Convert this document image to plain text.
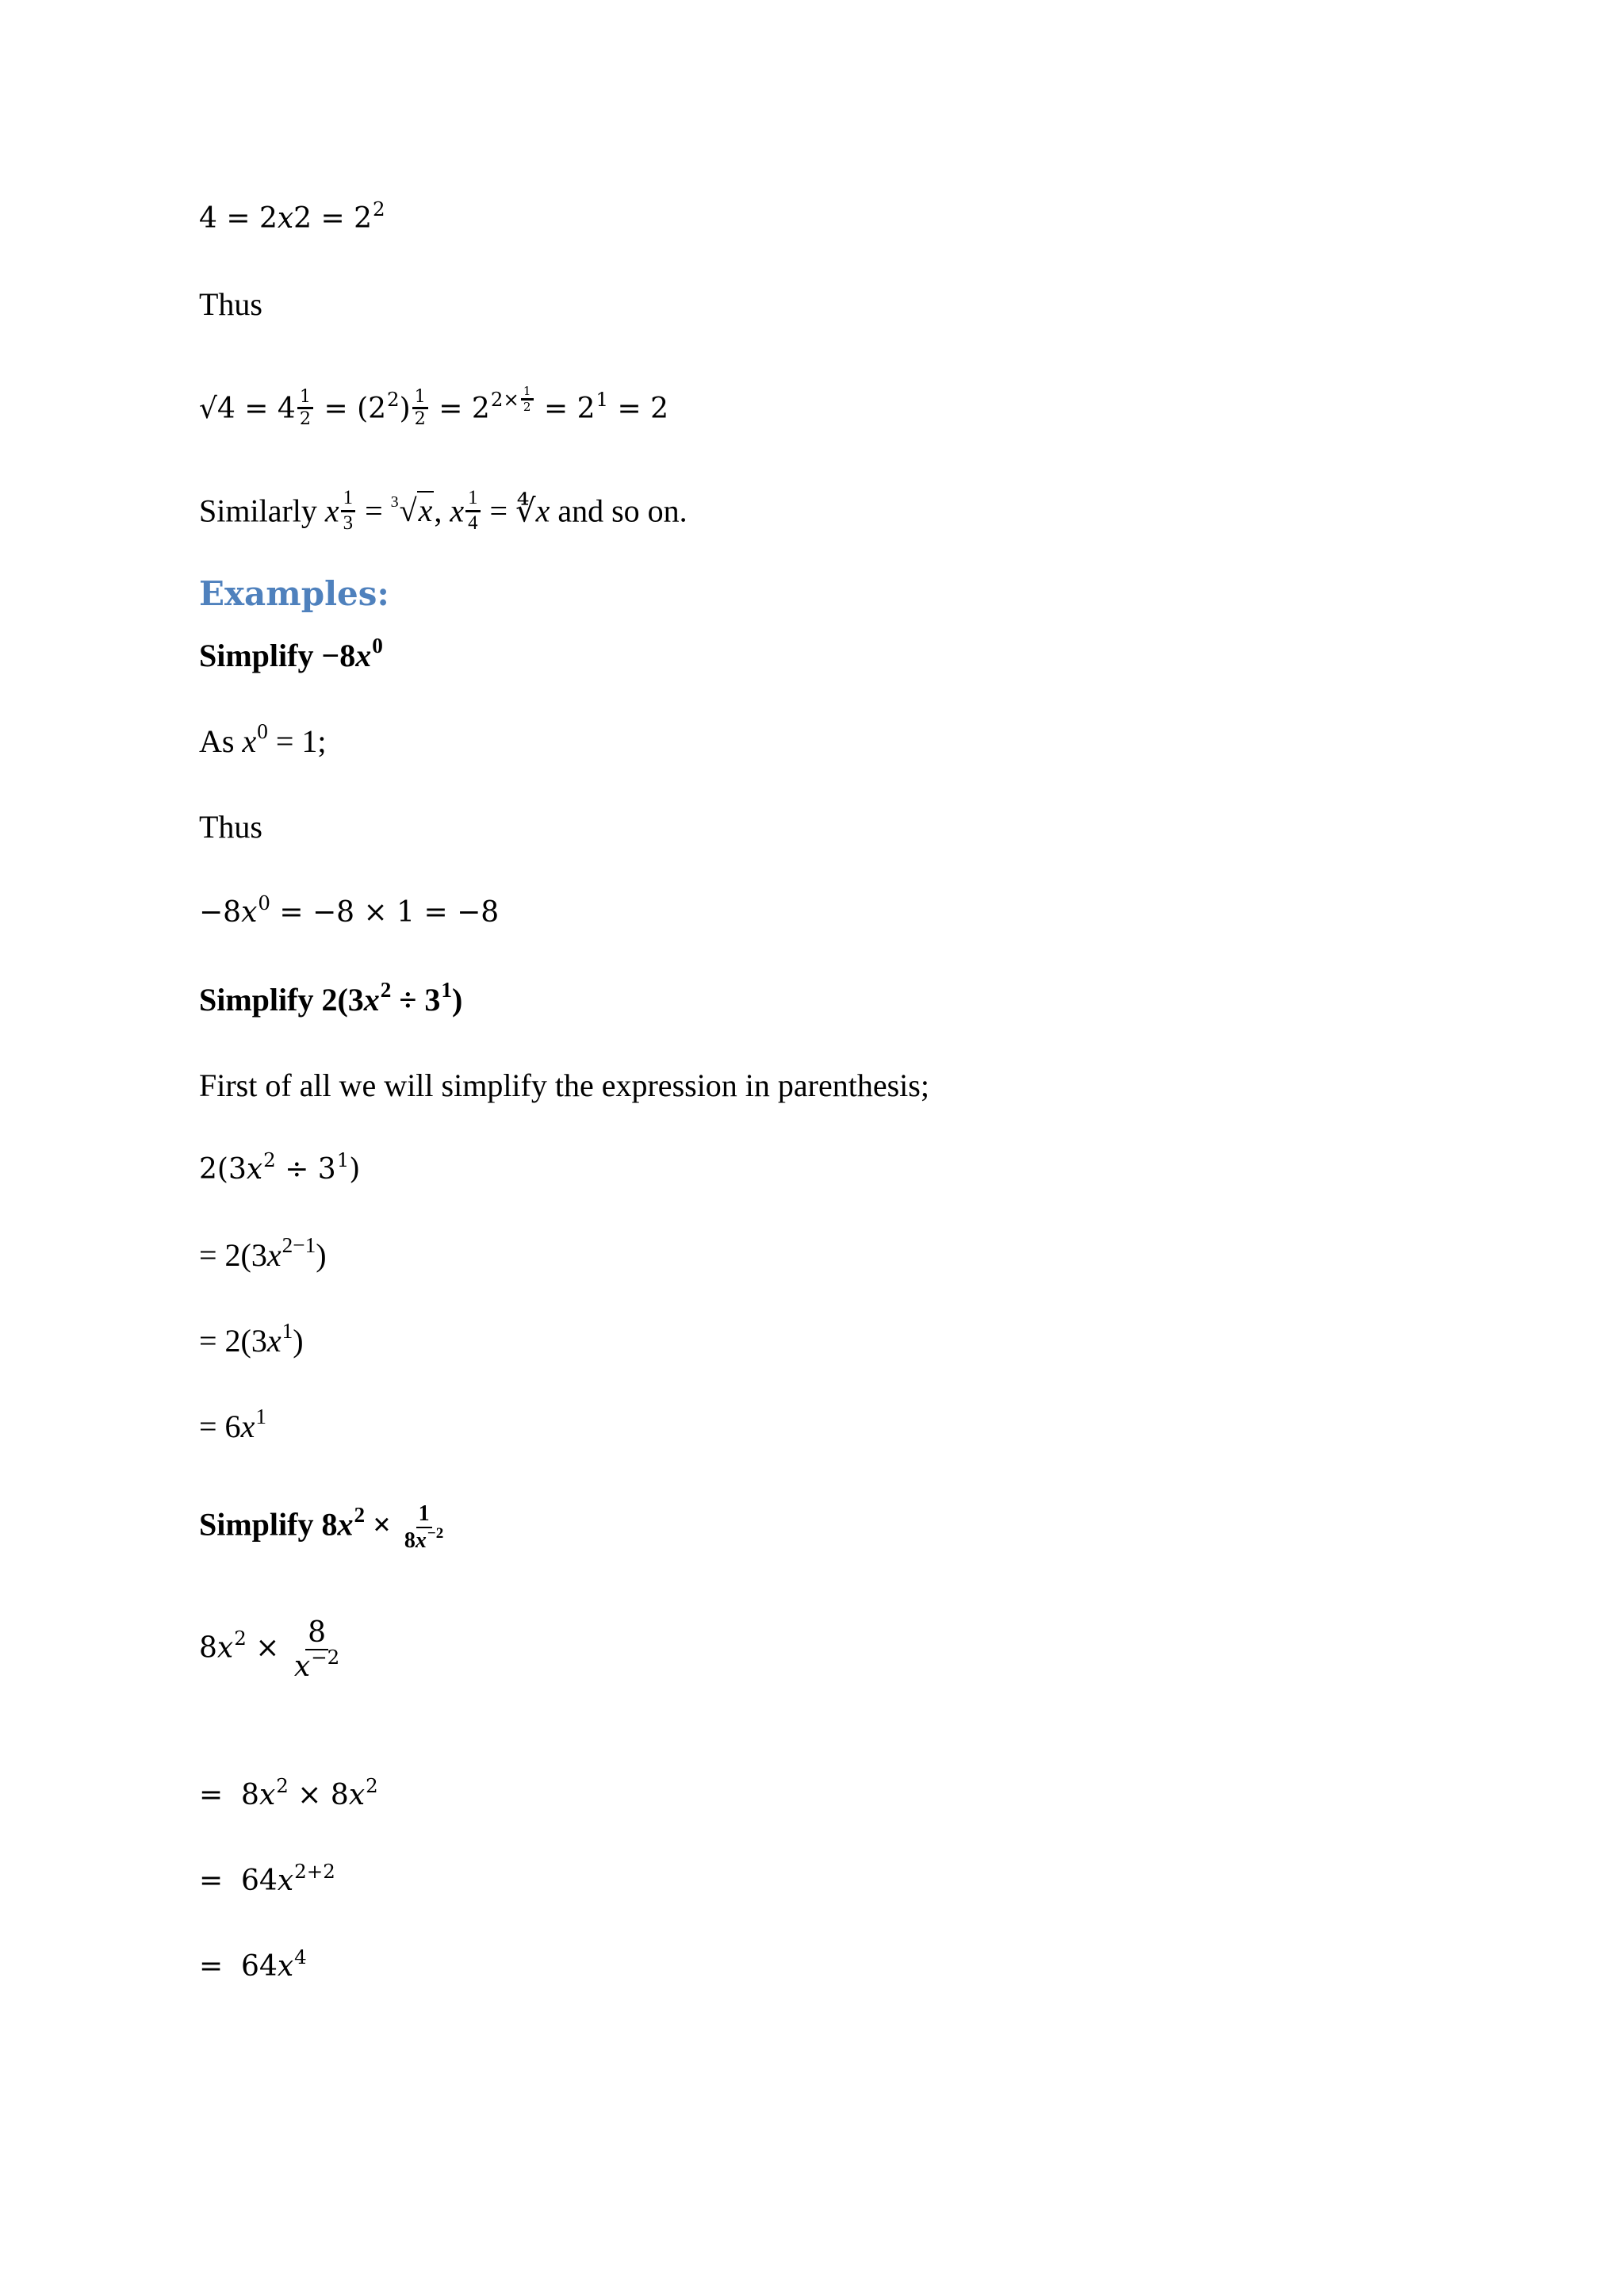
$4 = 2x2 = 2^2$
Thus
$√4 = 4 \frac{1}{2} = (2^2) \frac{1}{2} = 2^{2\times \frac{1}{2}} = 2^1 = 2$
Similarly x $\frac{1}{3} = ^3√x$, x $\frac{1}{4}$ = ∜x and so on.
Examples:
Simplify $-8x^0$
As $x^0 = 1$;
Thus
$-8x^0 = -8 \times 1 = -8$
Simplify $2(3x^2 \div 3^1)$
First of all we will simplify the expression in parenthesis;
$2(3x^2 \div 3^1)$
= $2(3x^{2-1})$
= $2(3x^1)$
= $6x^1$
Simplify $8x^2 \times \frac{1}{8x^{-2}}$
$8x^2 \times \frac{8}{x^{-2}}$
=  $8x^2 \times 8x^2$
=  $64x^{2+2}$
=  $64x^4$
